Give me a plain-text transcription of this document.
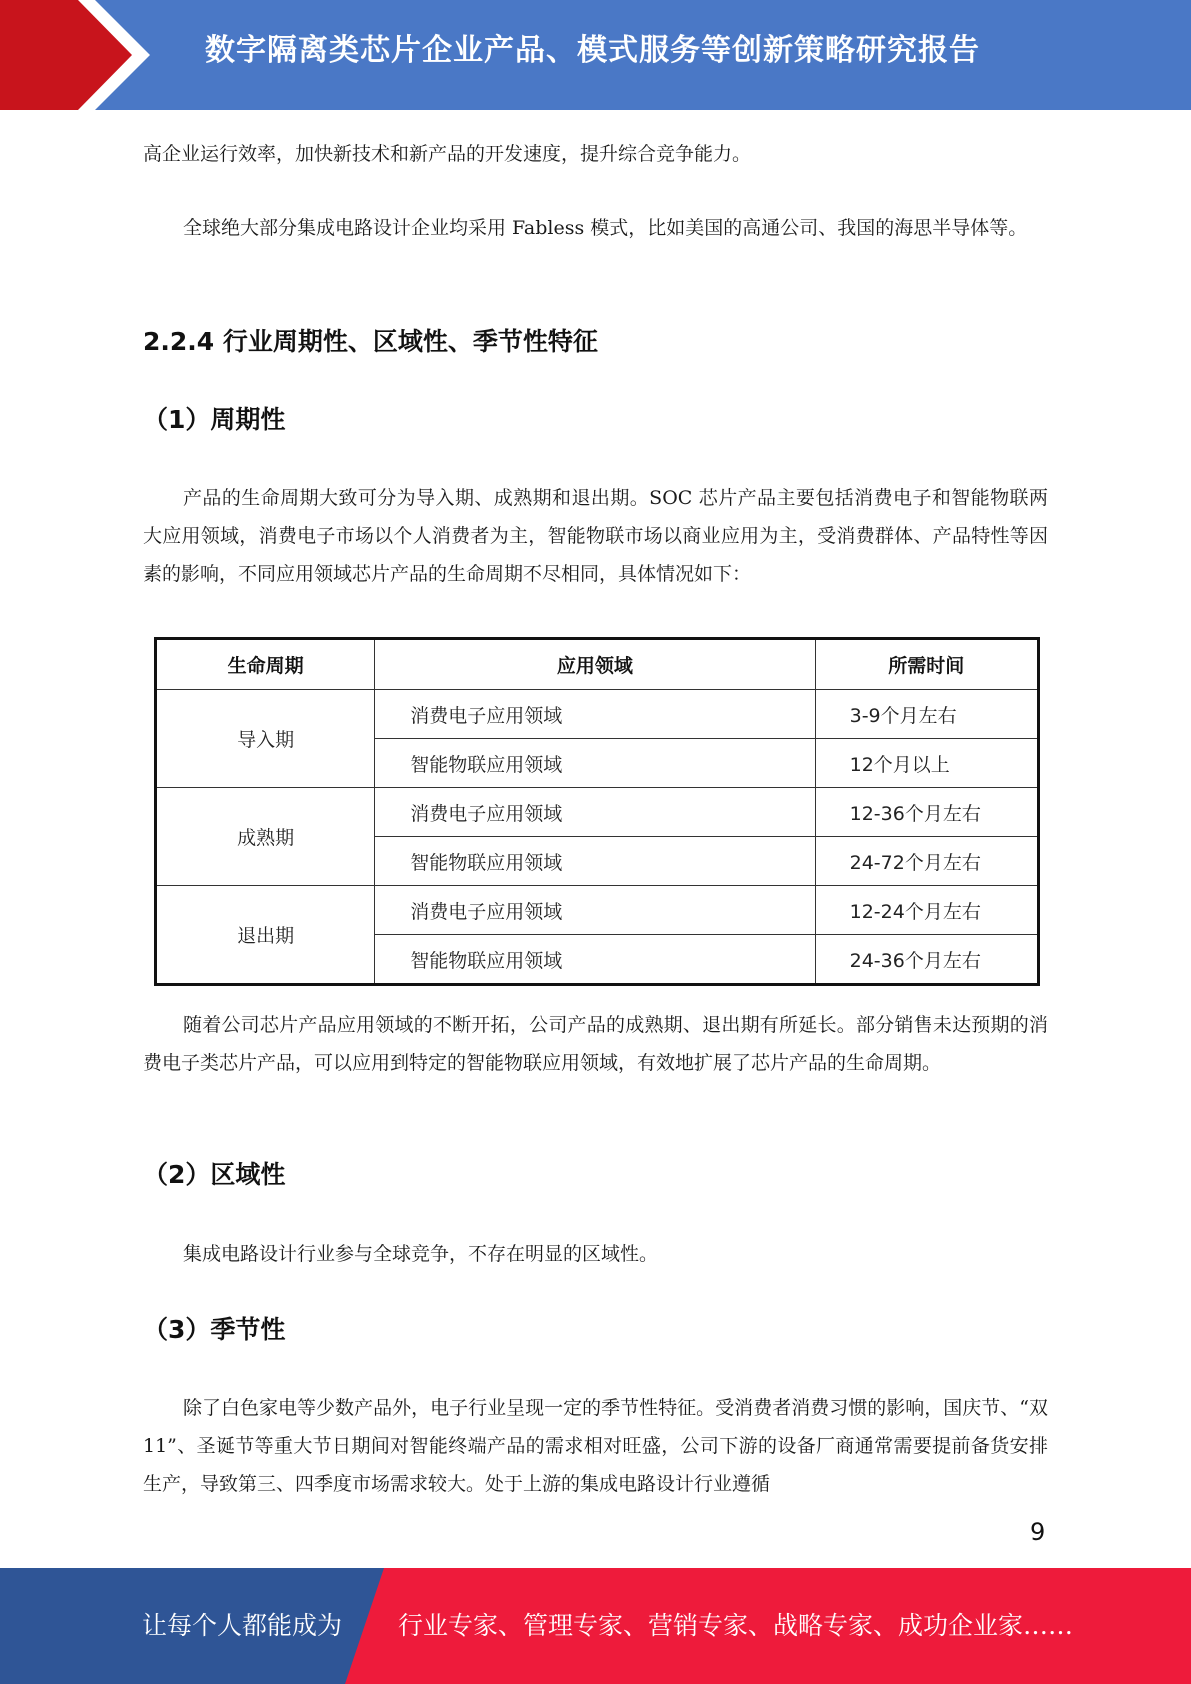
数字隔离类芯片企业产品、模式服务等创新策略研究报告

高企业运行效率，加快新技术和新产品的开发速度，提升综合竞争能力。

全球绝大部分集成电路设计企业均采用 Fabless 模式，比如美国的高通公司、我国的海思半导体等。

2.2.4 行业周期性、区域性、季节性特征
（1）周期性

产品的生命周期大致可分为导入期、成熟期和退出期。SOC 芯片产品主要包括消费电子和智能物联两大应用领域，消费电子市场以个人消费者为主，智能物联市场以商业应用为主，受消费群体、产品特性等因素的影响，不同应用领域芯片产品的生命周期不尽相同，具体情况如下：

生命周期	应用领域	所需时间
导入期	消费电子应用领域	3-9个月左右
	智能物联应用领域	12个月以上
成熟期	消费电子应用领域	12-36个月左右
	智能物联应用领域	24-72个月左右
退出期	消费电子应用领域	12-24个月左右
	智能物联应用领域	24-36个月左右

随着公司芯片产品应用领域的不断开拓，公司产品的成熟期、退出期有所延长。部分销售未达预期的消费电子类芯片产品，可以应用到特定的智能物联应用领域，有效地扩展了芯片产品的生命周期。

（2）区域性

集成电路设计行业参与全球竞争，不存在明显的区域性。

（3）季节性

除了白色家电等少数产品外，电子行业呈现一定的季节性特征。受消费者消费习惯的影响，国庆节、“双 11”、圣诞节等重大节日期间对智能终端产品的需求相对旺盛，公司下游的设备厂商通常需要提前备货安排生产，导致第三、四季度市场需求较大。处于上游的集成电路设计行业遵循

9
让每个人都能成为 行业专家、管理专家、营销专家、战略专家、成功企业家……
